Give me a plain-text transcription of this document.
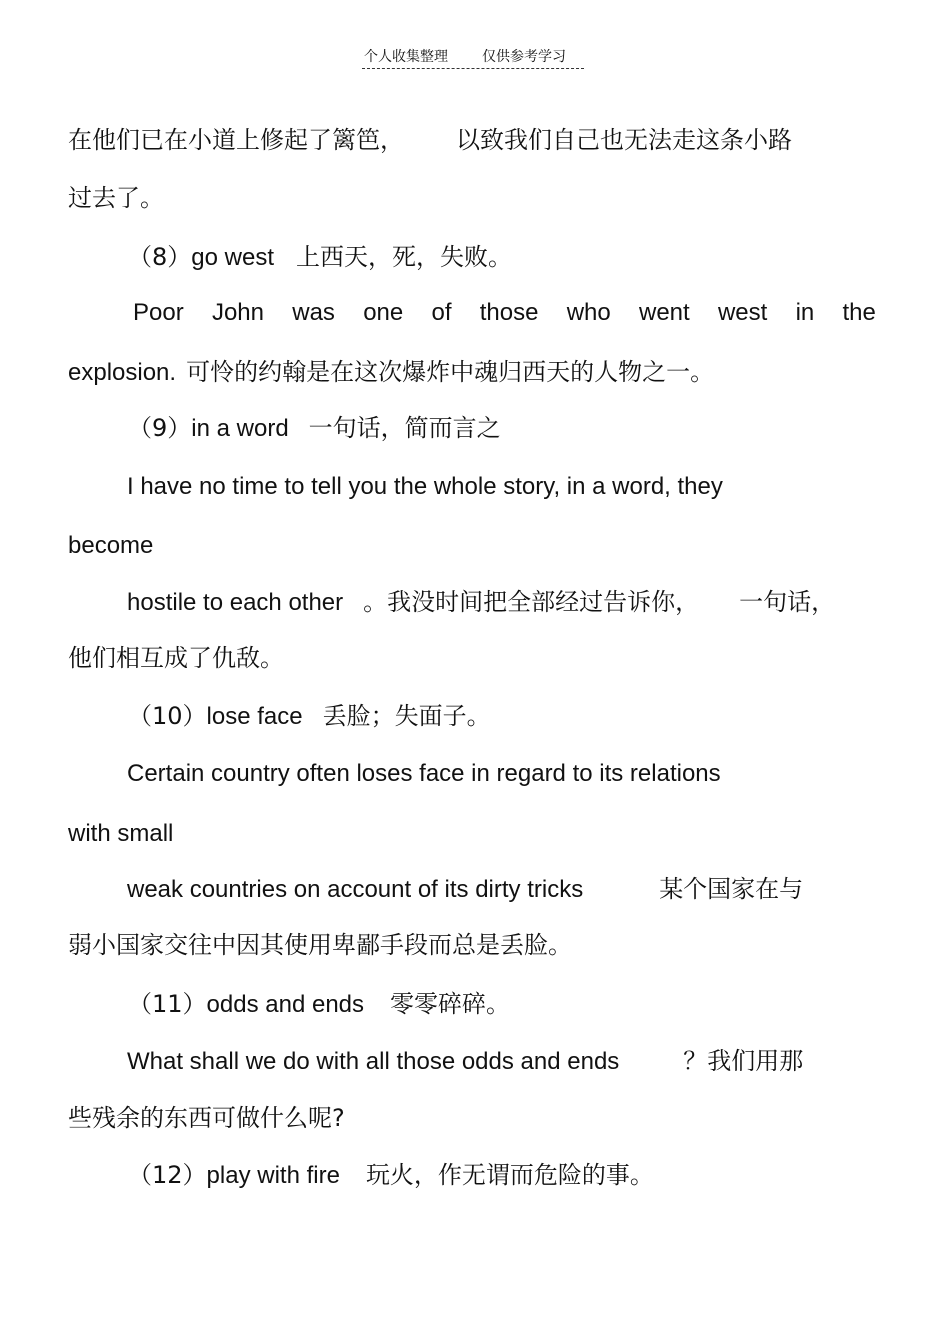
个人收集整理 仅供参考学习
在他们已在小道上修起了篱笆， 以致我们自己也无法走这条小路
过去了。
（8）go west 上西天，死，失败。
Poor John was one of those who went west in the
explosion. 可怜的约翰是在这次爆炸中魂归西天的人物之一。
（9）in a word 一句话，简而言之
I have no time to tell you the whole story, in a word, they
become
hostile to each other 。我没时间把全部经过告诉你， 一句话，
他们相互成了仇敌。
（10）lose face 丢脸；失面子。
Certain country often loses face in regard to its relations
with small
weak countries on account of its dirty tricks	某个国家在与
弱小国家交往中因其使用卑鄙手段而总是丢脸。
（11）odds and ends 零零碎碎。
What shall we do with all those odds and ends	？我们用那
些残余的东西可做什么呢?
（12）play with fire 玩火，作无谓而危险的事。
